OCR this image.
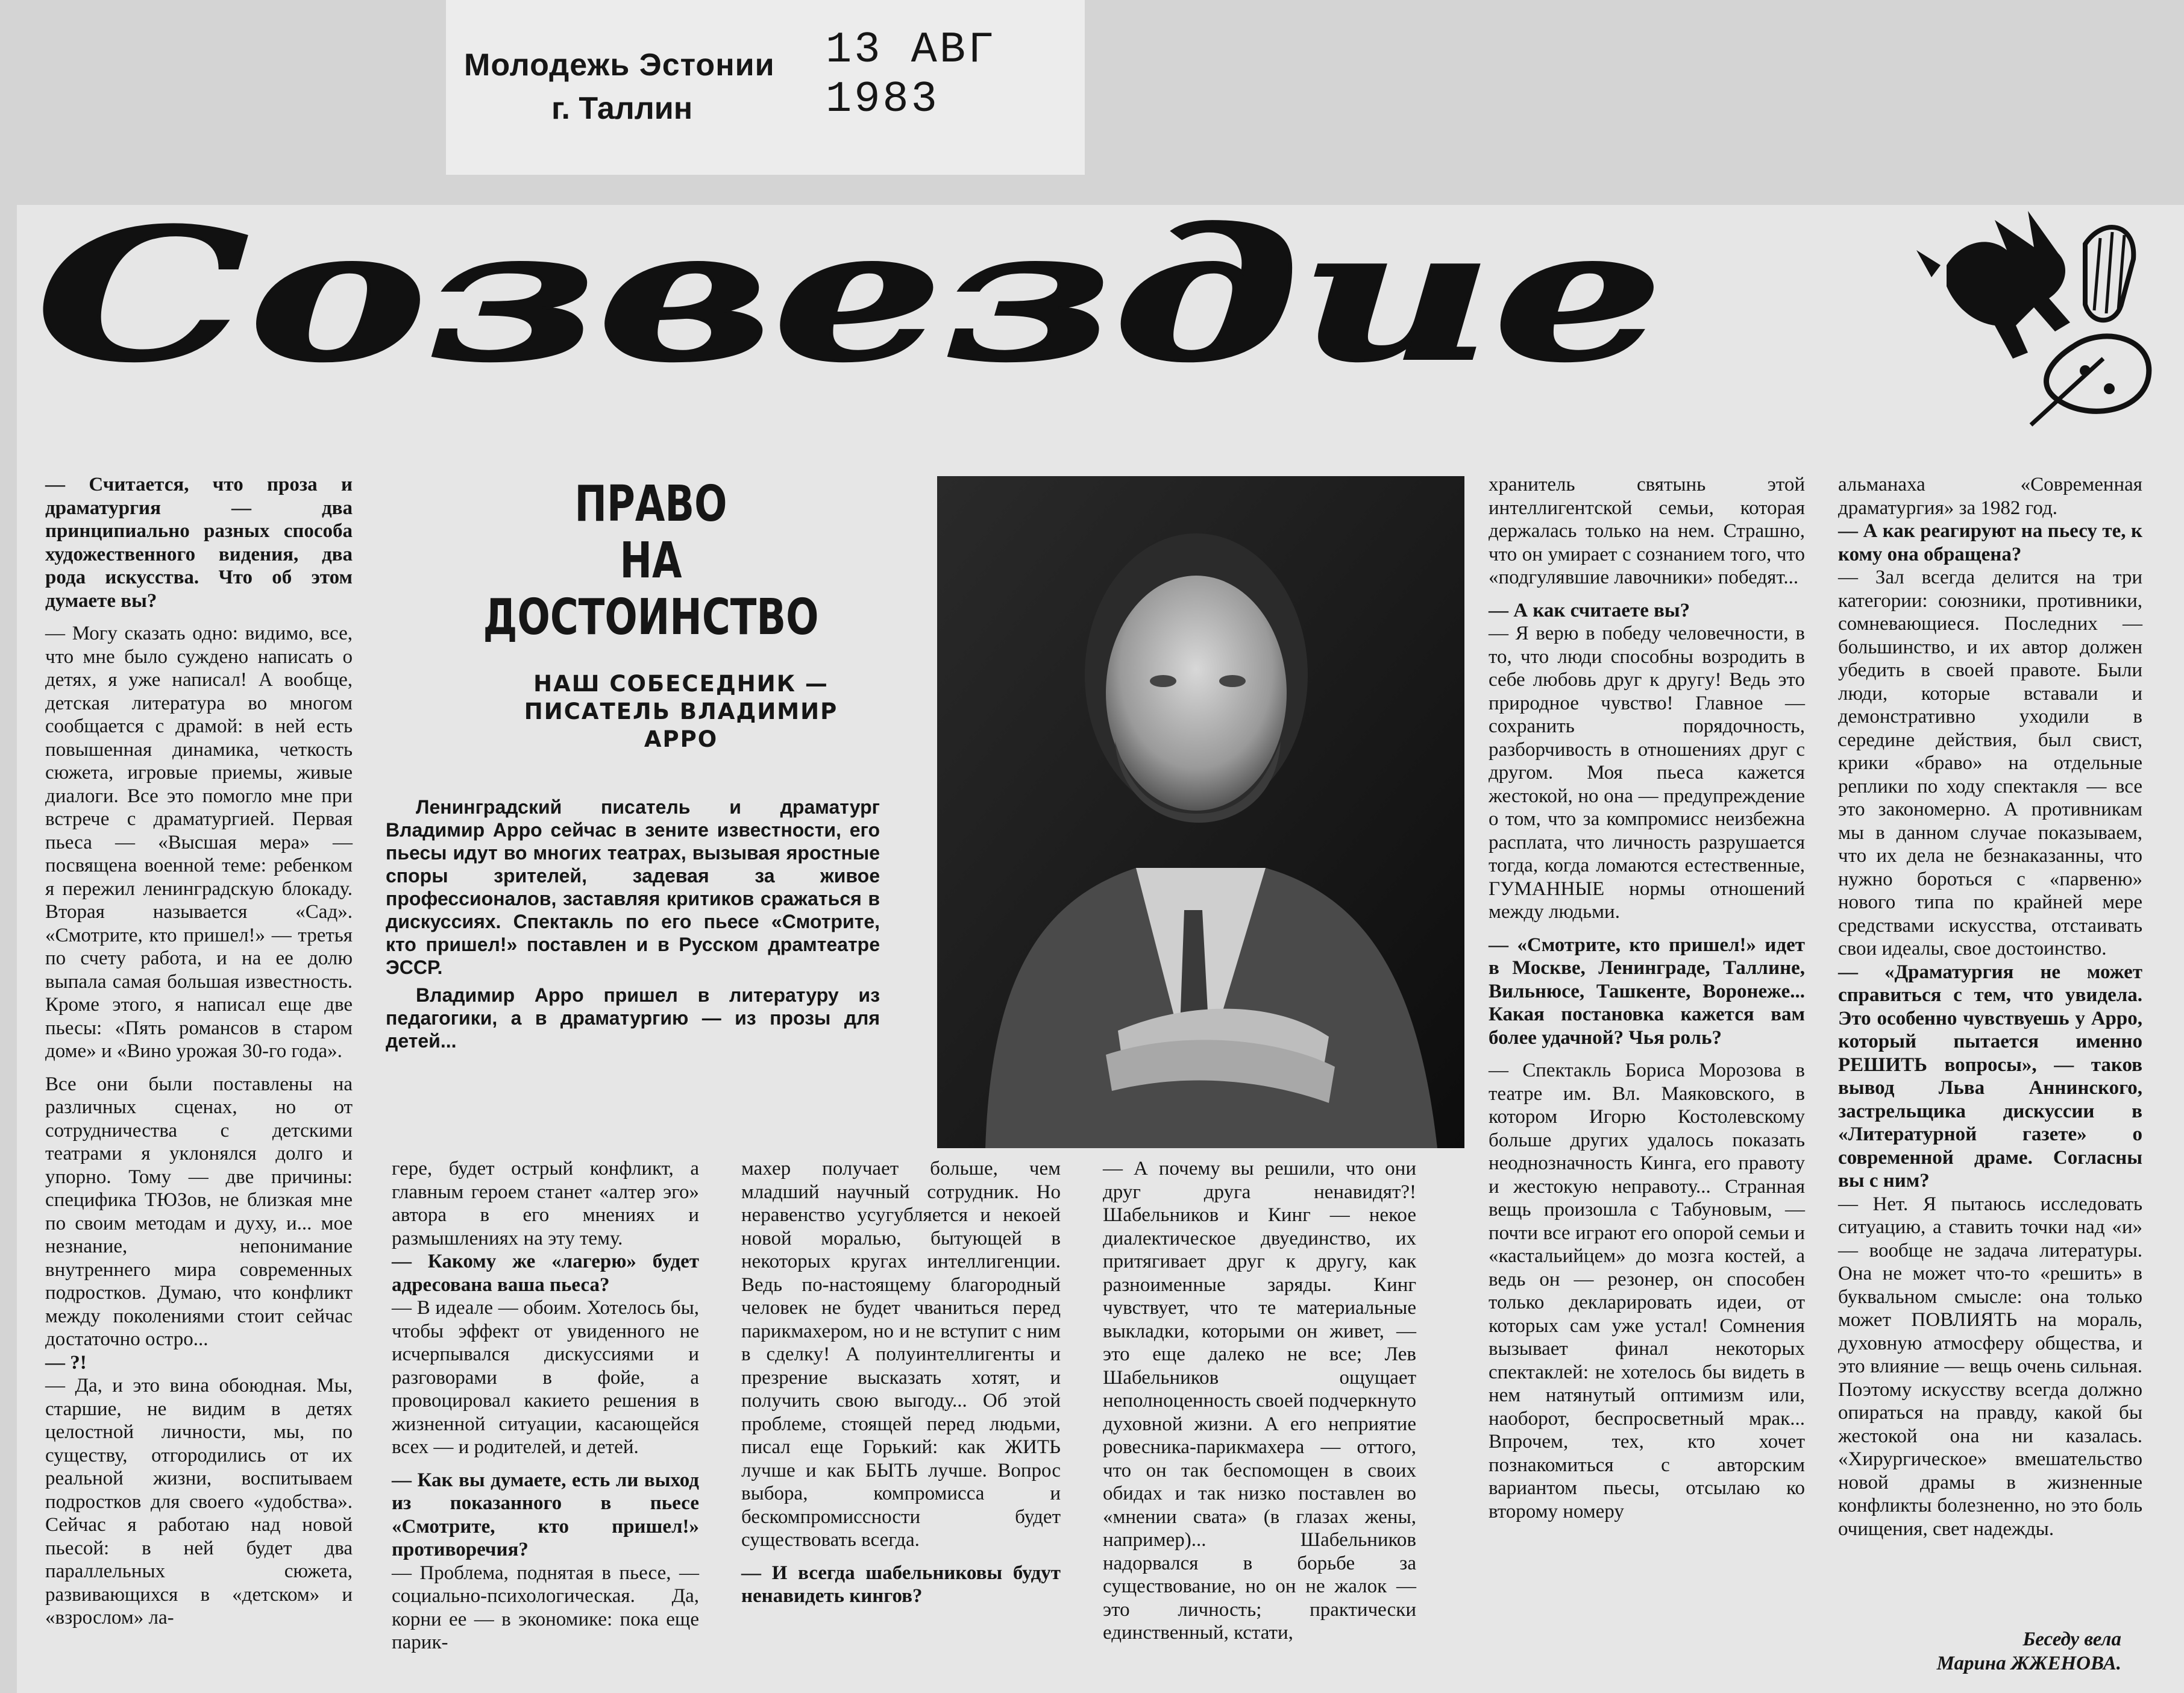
Молодежь Эстонии
г. Таллин
13 АВГ 1983
Созвездие
ПРАВО
НА ДОСТОИНСТВО
НАШ СОБЕСЕДНИК —
ПИСАТЕЛЬ ВЛАДИМИР АРРО

Ленинградский писатель и драматург Владимир Арро сейчас в зените известности, его пьесы идут во многих театрах, вызывая яростные споры зрителей, задевая за живое профессионалов, заставляя критиков сражаться в дискуссиях. Спектакль по его пьесе «Смотрите, кто пришел!» поставлен и в Русском драмтеатре ЭССР.

Владимир Арро пришел в литературу из педагогики, а в драматургию — из прозы для детей...

— Считается, что проза и драматургия — два принципиально разных способа художественного видения, два рода искусства. Что об этом думаете вы?

— Могу сказать одно: видимо, все, что мне было суждено написать о детях, я уже написал! А вообще, детская литература во многом сообщается с драмой: в ней есть повышенная динамика, четкость сюжета, игровые приемы, живые диалоги. Все это помогло мне при встрече с драматургией. Первая пьеса — «Высшая мера» — посвящена военной теме: ребенком я пережил ленинградскую блокаду. Вторая называется «Сад». «Смотрите, кто пришел!» — третья по счету работа, и на ее долю выпала самая большая известность. Кроме этого, я написал еще две пьесы: «Пять романсов в старом доме» и «Вино урожая 30-го года».

Все они были поставлены на различных сценах, но от сотрудничества с детскими театрами я уклонялся долго и упорно. Тому — две причины: специфика ТЮЗов, не близкая мне по своим методам и духу, и... мое незнание, непонимание внутреннего мира современных подростков. Думаю, что конфликт между поколениями стоит сейчас достаточно остро...

— ?!

— Да, и это вина обоюдная. Мы, старшие, не видим в детях целостной личности, мы, по существу, отгородились от их реальной жизни, воспитываем подростков для своего «удобства». Сейчас я работаю над новой пьесой: в ней будет два параллельных сюжета, развивающихся в «детском» и «взрослом» ла-

гере, будет острый конфликт, а главным героем станет «алтер эго» автора в его мнениях и размышлениях на эту тему.

— Какому же «лагерю» будет адресована ваша пьеса?

— В идеале — обоим. Хотелось бы, чтобы эффект от увиденного не исчерпывался дискуссиями и разговорами в фойе, а провоцировал какието решения в жизненной ситуации, касающейся всех — и родителей, и детей.

— Как вы думаете, есть ли выход из показанного в пьесе «Смотрите, кто пришел!» противоречия?

— Проблема, поднятая в пьесе, — социально-психологическая. Да, корни ее — в экономике: пока еще парик-

махер получает больше, чем младший научный сотрудник. Но неравенство усугубляется и некоей новой моралью, бытующей в некоторых кругах интеллигенции. Ведь по-настоящему благородный человек не будет чваниться перед парикмахером, но и не вступит с ним в сделку! А полуинтеллигенты и презрение высказать хотят, и получить свою выгоду... Об этой проблеме, стоящей перед людьми, писал еще Горький: как ЖИТЬ лучше и как БЫТЬ лучше. Вопрос выбора, компромисса и бескомпромиссности будет существовать всегда.

— И всегда шабельниковы будут ненавидеть кингов?

— А почему вы решили, что они друг друга ненавидят?! Шабельников и Кинг — некое диалектическое двуединство, их притягивает друг к другу, как разноименные заряды. Кинг чувствует, что те материальные выкладки, которыми он живет, — это еще далеко не все; Лев Шабельников ощущает неполноценность своей подчеркнуто духовной жизни. А его неприятие ровесника-парикмахера — оттого, что он так беспомощен в своих обидах и так низко поставлен во «мнении свата» (в глазах жены, например)... Шабельников надорвался в борьбе за существование, но он не жалок — это личность; практически единственный, кстати,

хранитель святынь этой интеллигентской семьи, которая держалась только на нем. Страшно, что он умирает с сознанием того, что «подгулявшие лавочники» победят...

— А как считаете вы?

— Я верю в победу человечности, в то, что люди способны возродить в себе любовь друг к другу! Ведь это природное чувство! Главное — сохранить порядочность, разборчивость в отношениях друг с другом. Моя пьеса кажется жестокой, но она — предупреждение о том, что за компромисс неизбежна расплата, что личность разрушается тогда, когда ломаются естественные, ГУМАННЫЕ нормы отношений между людьми.

— «Смотрите, кто пришел!» идет в Москве, Ленинграде, Таллине, Вильнюсе, Ташкенте, Воронеже... Какая постановка кажется вам более удачной? Чья роль?

— Спектакль Бориса Морозова в театре им. Вл. Маяковского, в котором Игорю Костолевскому больше других удалось показать неоднозначность Кинга, его правоту и жестокую неправоту... Странная вещь произошла с Табуновым, — почти все играют его опорой семьи и «кастальийцем» до мозга костей, а ведь он — резонер, он способен только декларировать идеи, от которых сам уже устал! Сомнения вызывает финал некоторых спектаклей: не хотелось бы видеть в нем натянутый оптимизм или, наоборот, беспросветный мрак... Впрочем, тех, кто хочет познакомиться с авторским вариантом пьесы, отсылаю ко второму номеру

альманаха «Современная драматургия» за 1982 год.

— А как реагируют на пьесу те, к кому она обращена?

— Зал всегда делится на три категории: союзники, противники, сомневающиеся. Последних — большинство, и их автор должен убедить в своей правоте. Были люди, которые вставали и демонстративно уходили в середине действия, был свист, крики «браво» на отдельные реплики по ходу спектакля — все это закономерно. А противникам мы в данном случае показываем, что их дела не безнаказанны, что нужно бороться с «парвеню» нового типа по крайней мере средствами искусства, отстаивать свои идеалы, свое достоинство.

— «Драматургия не может справиться с тем, что увидела. Это особенно чувствуешь у Арро, который пытается именно РЕШИТЬ вопросы», — таков вывод Льва Аннинского, застрельщика дискуссии в «Литературной газете» о современной драме. Согласны вы с ним?

— Нет. Я пытаюсь исследовать ситуацию, а ставить точки над «и» — вообще не задача литературы. Она не может что-то «решить» в буквальном смысле: она только может ПОВЛИЯТЬ на мораль, духовную атмосферу общества, и это влияние — вещь очень сильная. Поэтому искусству всегда должно опираться на правду, какой бы жестокой она ни казалась. «Хирургическое» вмешательство новой драмы в жизненные конфликты болезненно, но это боль очищения, свет надежды.

Беседу вела
Марина ЖЖЕНОВА.
